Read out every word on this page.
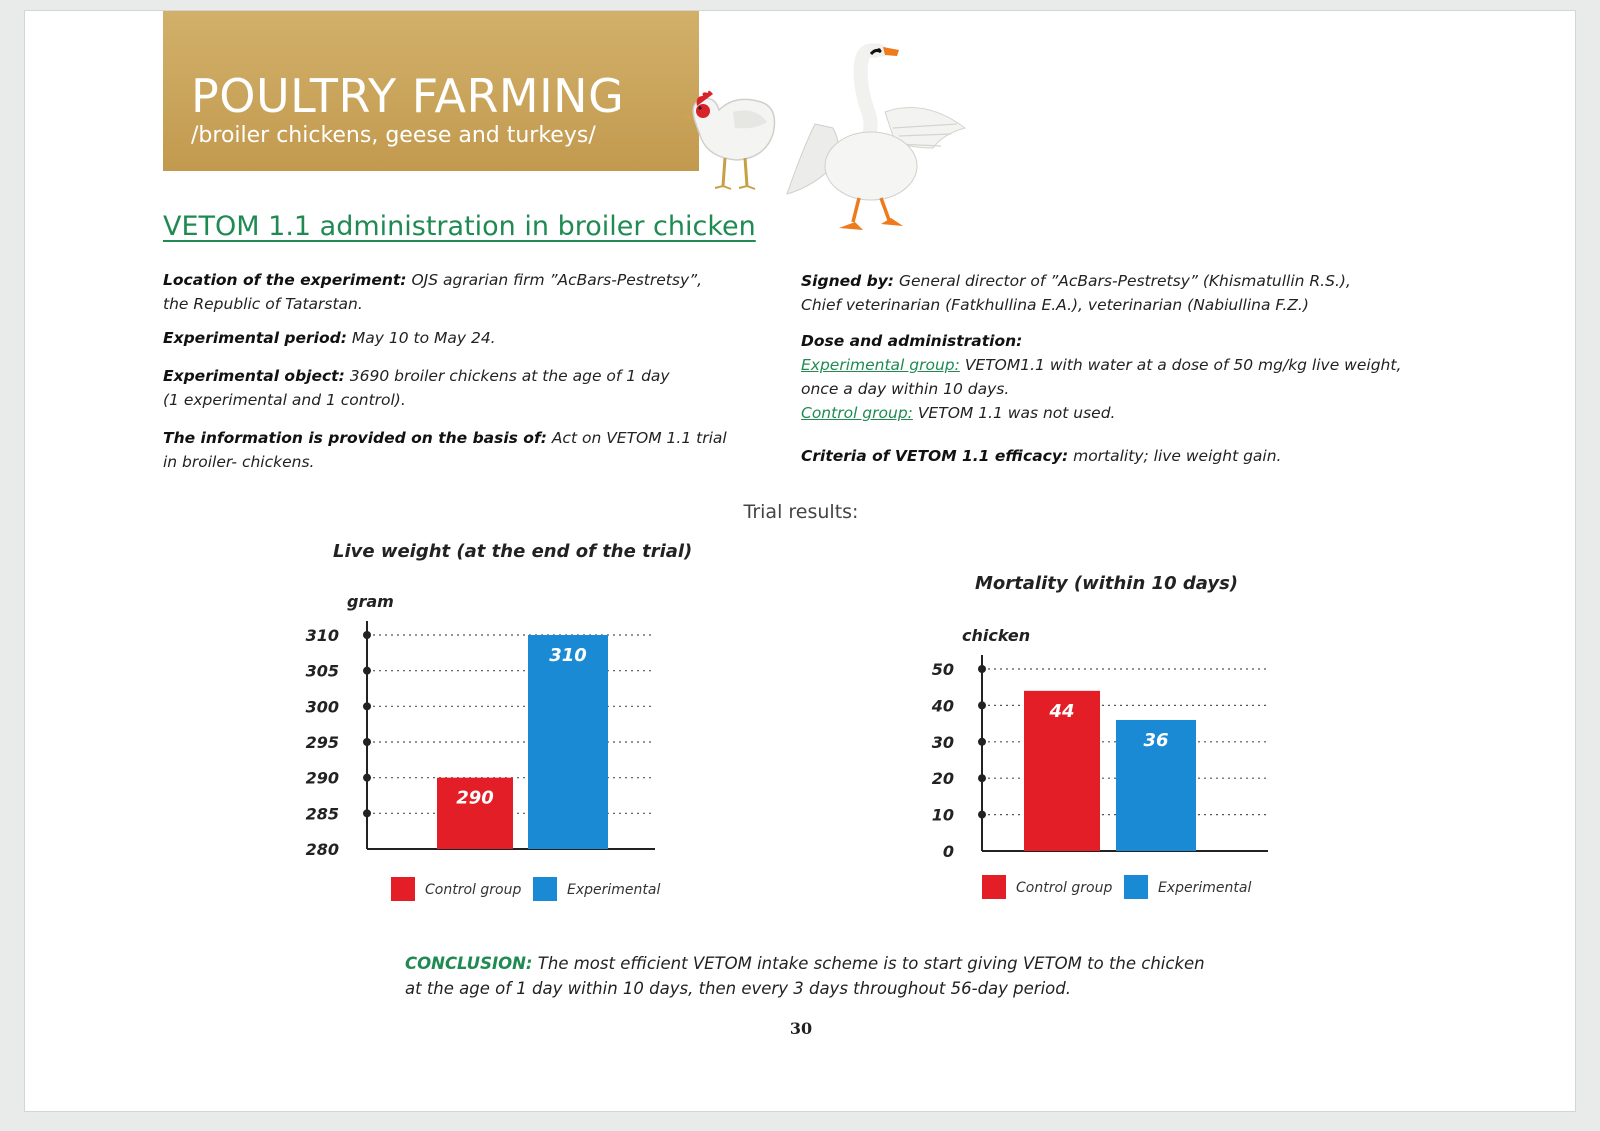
POULTRY FARMING
/broiler chickens, geese and turkeys/
VETOM 1.1 administration in broiler chicken
Location of the experiment: OJS agrarian firm ”AcBars-Pestretsy”,
the Republic of Tatarstan.
Experimental period: May 10 to May 24.
Experimental object: 3690 broiler chickens at the age of 1 day
(1 experimental and 1 control).
The information is provided on the basis of: Act on VETOM 1.1 trial
in broiler- chickens.
Signed by: General director of ”AcBars-Pestretsy” (Khismatullin R.S.),
Chief veterinarian (Fatkhullina E.A.), veterinarian (Nabiullina F.Z.)
Dose and administration:
Experimental group: VETOM1.1 with water at a dose of 50 mg/kg live weight,
once a day within 10 days.
Control group: VETOM 1.1 was not used.
Criteria of VETOM 1.1 efficacy: mortality; live weight gain.
Trial results:
Live weight (at the end of the trial)
gram
280
285
290
295
300
305
310
290
310
Control group	Experimental
Mortality (within 10 days)
chicken
0
10
20
30
40
50
44
36
Control group	Experimental
CONCLUSION: The most efficient VETOM intake scheme is to start giving VETOM to the chicken
at the age of 1 day within 10 days, then every 3 days throughout 56-day period.
30
